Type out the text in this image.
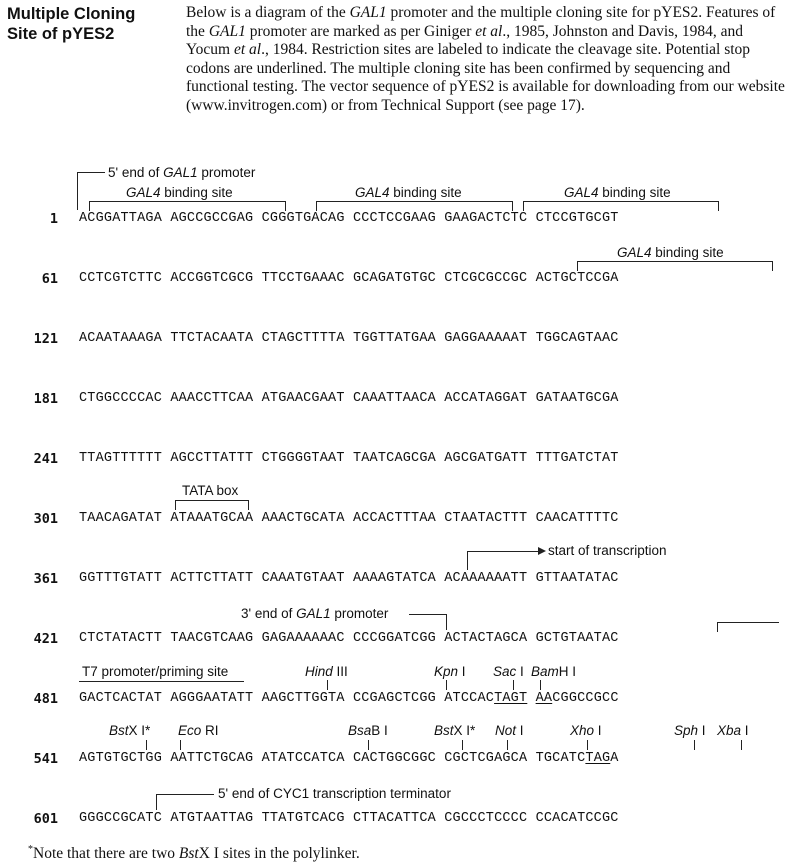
Multiple Cloning
Site of pYES2
Below is a diagram of the GAL1 promoter and the multiple cloning site for pYES2. Features of the GAL1 promoter are marked as per Giniger et al., 1985, Johnston and Davis, 1984, and Yocum et al., 1984. Restriction sites are labeled to indicate the cleavage site. Potential stop codons are underlined. The multiple cloning site has been confirmed by sequencing and functional testing. The vector sequence of pYES2 is available for downloading from our website (www.invitrogen.com) or from Technical Support (see page 17).
5' end of GAL1 promoter
GAL4 binding site	GAL4 binding site	GAL4 binding site
1 ACGGATTAGA AGCCGCCGAG CGGGTGACAG CCCTCCGAAG GAAGACTCTC CTCCGTGCGT
GAL4 binding site
61 CCTCGTCTTC ACCGGTCGCG TTCCTGAAAC GCAGATGTGC CTCGCGCCGC ACTGCTCCGA
121 ACAATAAAGA TTCTACAATA CTAGCTTTTA TGGTTATGAA GAGGAAAAAT TGGCAGTAAC
181 CTGGCCCCAC AAACCTTCAA ATGAACGAAT CAAATTAACA ACCATAGGAT GATAATGCGA
241 TTAGTTTTTT AGCCTTATTT CTGGGGTAAT TAATCAGCGA AGCGATGATT TTTGATCTAT
TATA box
301 TAACAGATAT ATAAATGCAA AAACTGCATA ACCACTTTAA CTAATACTTT CAACATTTTC
start of transcription
361 GGTTTGTATT ACTTCTTATT CAAATGTAAT AAAAGTATCA ACAAAAAATT GTTAATATAC
3' end of GAL1 promoter
421 CTCTATACTT TAACGTCAAG GAGAAAAAAC CCCGGATCGG ACTACTAGCA GCTGTAATAC
T7 promoter/priming site	Hind III	Kpn I Sac I BamH I
481 GACTCACTAT AGGGAATATT AAGCTTGGTA CCGAGCTCGG ATCCACTAGT AACGGCCGCC
BstX I* Eco RI	BsaB I	BstX I* Not I	Xho I	Sph I Xba I
541 AGTGTGCTGG AATTCTGCAG ATATCCATCA CACTGGCGGC CGCTCGAGCA TGCATCTAGA
5' end of CYC1 transcription terminator
601 GGGCCGCATC ATGTAATTAG TTATGTCACG CTTACATTCA CGCCCTCCCC CCACATCCGC
*Note that there are two BstX I sites in the polylinker.
